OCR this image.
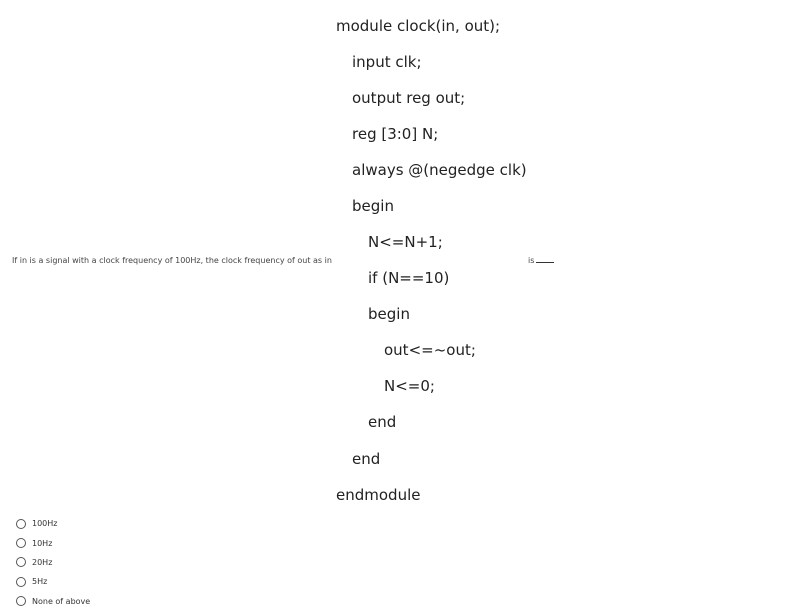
If in is a signal with a clock frequency of 100Hz, the clock frequency of out as in
module clock(in, out);
input clk;
output reg out;
reg [3:0] N;
always @(negedge clk)
begin
N<=N+1;
if (N==10)
begin
out<=~out;
N<=0;
end
end
endmodule
is
100Hz
10Hz
20Hz
5Hz
None of above
